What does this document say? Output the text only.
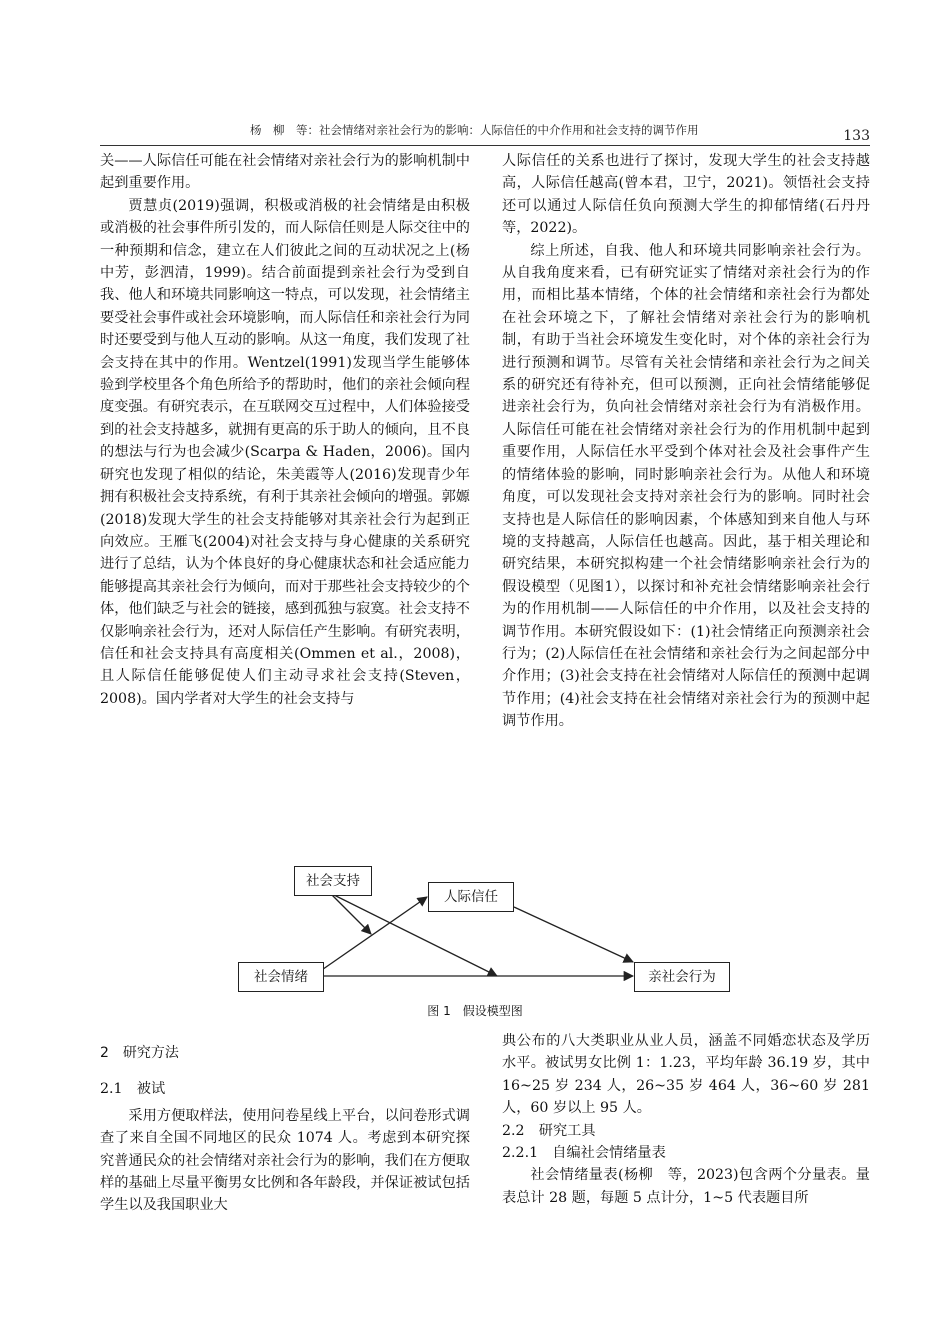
杨　柳　等：社会情绪对亲社会行为的影响：人际信任的中介作用和社会支持的调节作用	133

关——人际信任可能在社会情绪对亲社会行为的影响机制中起到重要作用。

贾慧贞(2019)强调，积极或消极的社会情绪是由积极或消极的社会事件所引发的，而人际信任则是人际交往中的一种预期和信念，建立在人们彼此之间的互动状况之上(杨中芳，彭泗清，1999)。结合前面提到亲社会行为受到自我、他人和环境共同影响这一特点，可以发现，社会情绪主要受社会事件或社会环境影响，而人际信任和亲社会行为同时还要受到与他人互动的影响。从这一角度，我们发现了社会支持在其中的作用。Wentzel(1991)发现当学生能够体验到学校里各个角色所给予的帮助时，他们的亲社会倾向程度变强。有研究表示，在互联网交互过程中，人们体验接受到的社会支持越多，就拥有更高的乐于助人的倾向，且不良的想法与行为也会减少(Scarpa & Haden，2006)。国内研究也发现了相似的结论，朱美霞等人(2016)发现青少年拥有积极社会支持系统，有利于其亲社会倾向的增强。郭嫄(2018)发现大学生的社会支持能够对其亲社会行为起到正向效应。王雁飞(2004)对社会支持与身心健康的关系研究进行了总结，认为个体良好的身心健康状态和社会适应能力能够提高其亲社会行为倾向，而对于那些社会支持较少的个体，他们缺乏与社会的链接，感到孤独与寂寞。社会支持不仅影响亲社会行为，还对人际信任产生影响。有研究表明，信任和社会支持具有高度相关(Ommen et al.，2008)，且人际信任能够促使人们主动寻求社会支持(Steven，2008)。国内学者对大学生的社会支持与

人际信任的关系也进行了探讨，发现大学生的社会支持越高，人际信任越高(曾本君，卫宁，2021)。领悟社会支持还可以通过人际信任负向预测大学生的抑郁情绪(石丹丹　等，2022)。

综上所述，自我、他人和环境共同影响亲社会行为。从自我角度来看，已有研究证实了情绪对亲社会行为的作用，而相比基本情绪，个体的社会情绪和亲社会行为都处在社会环境之下，了解社会情绪对亲社会行为的影响机制，有助于当社会环境发生变化时，对个体的亲社会行为进行预测和调节。尽管有关社会情绪和亲社会行为之间关系的研究还有待补充，但可以预测，正向社会情绪能够促进亲社会行为，负向社会情绪对亲社会行为有消极作用。人际信任可能在社会情绪对亲社会行为的作用机制中起到重要作用，人际信任水平受到个体对社会及社会事件产生的情绪体验的影响，同时影响亲社会行为。从他人和环境角度，可以发现社会支持对亲社会行为的影响。同时社会支持也是人际信任的影响因素，个体感知到来自他人与环境的支持越高，人际信任也越高。因此，基于相关理论和研究结果，本研究拟构建一个社会情绪影响亲社会行为的假设模型（见图1），以探讨和补充社会情绪影响亲社会行为的作用机制——人际信任的中介作用，以及社会支持的调节作用。本研究假设如下：(1)社会情绪正向预测亲社会行为；(2)人际信任在社会情绪和亲社会行为之间起部分中介作用；(3)社会支持在社会情绪对人际信任的预测中起调节作用；(4)社会支持在社会情绪对亲社会行为的预测中起调节作用。

社会支持
人际信任
社会情绪	亲社会行为
图 1　假设模型图

2　研究方法

2.1　被试

采用方便取样法，使用问卷星线上平台，以问卷形式调查了来自全国不同地区的民众 1074 人。考虑到本研究探究普通民众的社会情绪对亲社会行为的影响，我们在方便取样的基础上尽量平衡男女比例和各年龄段，并保证被试包括学生以及我国职业大

典公布的八大类职业从业人员，涵盖不同婚恋状态及学历水平。被试男女比例 1：1.23，平均年龄 36.19 岁，其中 16~25 岁 234 人，26~35 岁 464 人，36~60 岁 281 人，60 岁以上 95 人。

2.2　研究工具

2.2.1　自编社会情绪量表

社会情绪量表(杨柳　等，2023)包含两个分量表。量表总计 28 题，每题 5 点计分，1~5 代表题目所
